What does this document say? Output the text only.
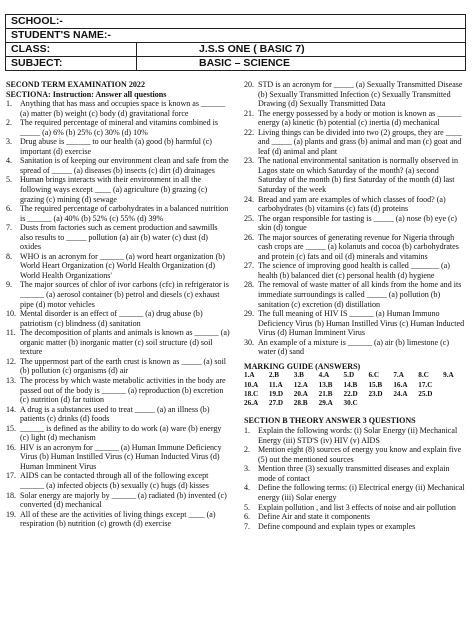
SCHOOL:-	
STUDENT'S NAME:-	
CLASS:	J.S.S ONE ( BASIC 7)
SUBJECT:	BASIC – SCIENCE
SECOND TERM EXAMINATION 2022
SECTIONA: Instruction: Answer all questions
1. Anything that has mass and occupies space is known as ______ (a) matter (b) weight (c) body (d) gravitational force
2. The required percentage of mineral and vitamins combined is _____ (a) 6% (b) 25% (c) 30% (d) 10%
3. Drug abuse is ______ to our health (a) good (b) harmful (c) important (d) exercise
4. Sanitation is of keeping our environment clean and safe from the spread of _____ (a) diseases (b) insects (c) dirt (d) drainages
5. Human brings interacts with their environment in all the following ways except ____ (a) agriculture (b) grazing (c) grazing (c) mining (d) sewage
6. The required percentage of carbohydrates in a balanced nutrition is ______ (a) 40% (b) 52% (c) 55% (d) 39%
7. Dusts from factories such as cement production and sawmills also results to _____ pollution (a) air (b) water (c) dust (d) oxides
8. WHO is an acronym for ______ (a) word heart organization (b) World Heart Organization (c) World Health Organization (d) World Health Organizations'
9. The major sources of chlor of ivor carbons (cfc) in refrigerator is ______ (a) aerosol container (b) petrol and diesels (c) exhaust pipe (d) motor vehicles
10. Mental disorder is an effect of ______ (a) drug abuse (b) patriotism (c) blindness (d) sanitation
11. The decomposition of plants and animals is known as ______ (a) organic matter (b) inorganic matter (c) soil structure (d) soil texture
12. The uppermost part of the earth crust is known as _____ (a) soil (b) pollution (c) organisms (d) air
13. The process by which waste metabolic activities in the body are passed out of the body is ______ (a) reproduction (b) excretion (c) nutrition (d) far tuition
14. A drug is a substances used to treat _____ (a) an illness (b) patients (c) drinks (d) foods
15. ______ is defined as the ability to do work (a) ware (b) energy (c) light (d) mechanism
16. HIV is an acronym for ______ (a) Human Immune Deficiency Virus (b) Human Instilled Virus (c) Human Inducted Virus (d) Human Imminent Virus
17. AIDS can be contacted through all of the following except ______ (a) infected objects (b) sexually (c) hugs (d) kisses
18. Solar energy are majorly by ______ (a) radiated (b) invented (c) converted (d) mechanical
19. All of these are the activities of living things except ____ (a) respiration (b) nutrition (c) growth (d) exercise
20. STD is an acronym for _____ (a) Sexually Transmitted Disease (b) Sexually Transmitted Infection (c) Sexually Transmitted Drawing (d) Sexually Transmitted Data
21. The energy possessed by a body or motion is known as ______ energy (a) kinetic (b) potential (c) inertia (d) mechanical
22. Living things can be divided into two (2) groups, they are ____ and _____ (a) plants and grass (b) animal and man (c) goat and leaf (d) animal and plant
23. The national environmental sanitation is normally observed in Lagos state on which Saturday of the month? (a) second Saturday of the month (b) first Saturday of the month (d) last Saturday of the week
24. Bread and yam are examples of which classes of food? (a) carbohydrates (b) vitamins (c) fats (d) proteins
25. The organ responsible for tasting is _____ (a) nose (b) eye (c) skin (d) tongue
26. The major sources of generating revenue for Nigeria through cash crops are _____ (a) kolanuts and cocoa (b) carbohydrates and protein (c) fats and oil (d) minerals and vitamins
27. The science of improving good health is called _______ (a) health (b) balanced diet (c) personal health (d) hygiene
28. The removal of waste matter of all kinds from the home and its immediate surroundings is called _____ (a) pollution (b) sanitation (c) excretion (d) distillation
29. The full meaning of HIV IS ______ (a) Human Immuno Deficiency Virus (b) Human Instilled Virus (c) Human Inducted Virus (d) Human Imminent Virus
30. An example of a mixture is ______ (a) air (b) limestone (c) water (d) sand
MARKING GUIDE (ANSWERS)
1.A	2.B	3.B	4.A	5.D	6.C	7.A	8.C	9.A
10.A	11.A	12.A	13.B	14.B	15.B	16.A	17.C
18.C	19.D	20.A	21.B	22.D	23.D	24.A	25.D
26.A	27.D	28.B	29.A	30.C
SECTION B THEORY ANSWER 3 QUESTIONS
1. Explain the following words: (i) Solar Energy (ii) Mechanical Energy (iii) STD'S (iv) HIV (v) AIDS
2. Mention eight (8) sources of energy you know and explain five (5) out the mentioned sources
3. Mention three (3) sexually transmitted diseases and explain mode of contact
4. Define the following terms: (i) Electrical energy (ii) Mechanical energy (iii) Solar energy
5. Explain pollution , and list 3 effects of noise and air pollution
6. Define Air and state it components
7. Define compound and explain types or examples
